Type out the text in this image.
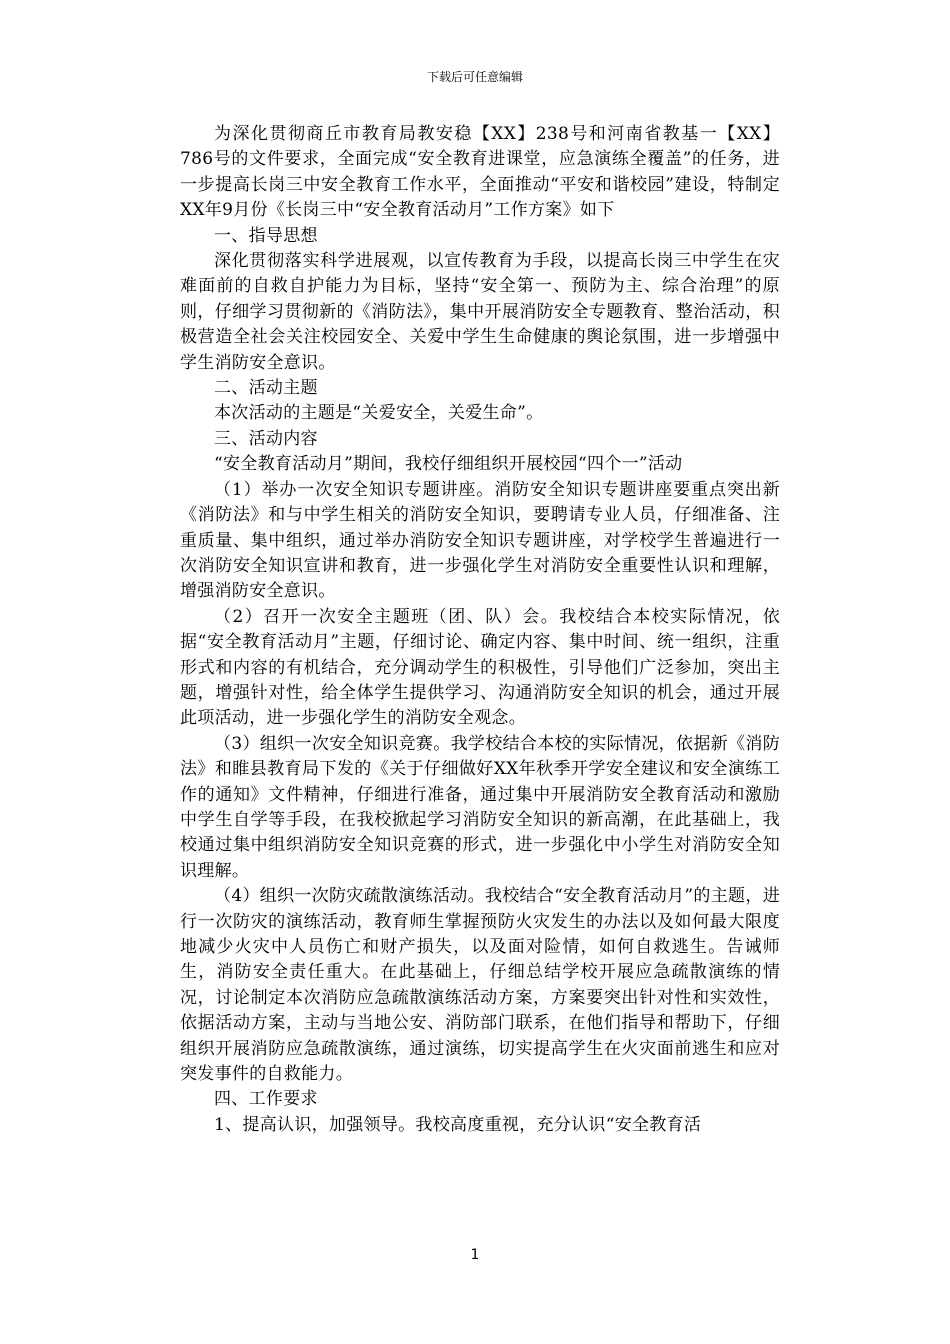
下载后可任意编辑

为深化贯彻商丘市教育局教安稳【XX】238号和河南省教基一【XX】786号的文件要求，全面完成“安全教育进课堂，应急演练全覆盖”的任务，进一步提高长岗三中安全教育工作水平，全面推动“平安和谐校园”建设，特制定XX年9月份《长岗三中“安全教育活动月”工作方案》如下

一、指导思想

深化贯彻落实科学进展观，以宣传教育为手段，以提高长岗三中学生在灾难面前的自救自护能力为目标，坚持“安全第一、预防为主、综合治理”的原则，仔细学习贯彻新的《消防法》，集中开展消防安全专题教育、整治活动，积极营造全社会关注校园安全、关爱中学生生命健康的舆论氛围，进一步增强中学生消防安全意识。

二、活动主题

本次活动的主题是“关爱安全，关爱生命”。

三、活动内容

“安全教育活动月”期间，我校仔细组织开展校园“四个一”活动

（1）举办一次安全知识专题讲座。消防安全知识专题讲座要重点突出新《消防法》和与中学生相关的消防安全知识，要聘请专业人员，仔细准备、注重质量、集中组织，通过举办消防安全知识专题讲座，对学校学生普遍进行一次消防安全知识宣讲和教育，进一步强化学生对消防安全重要性认识和理解，增强消防安全意识。

（2）召开一次安全主题班（团、队）会。我校结合本校实际情况，依据“安全教育活动月”主题，仔细讨论、确定内容、集中时间、统一组织，注重形式和内容的有机结合，充分调动学生的积极性，引导他们广泛参加，突出主题，增强针对性，给全体学生提供学习、沟通消防安全知识的机会，通过开展此项活动，进一步强化学生的消防安全观念。

（3）组织一次安全知识竞赛。我学校结合本校的实际情况，依据新《消防法》和睢县教育局下发的《关于仔细做好XX年秋季开学安全建议和安全演练工作的通知》文件精神，仔细进行准备，通过集中开展消防安全教育活动和激励中学生自学等手段，在我校掀起学习消防安全知识的新高潮，在此基础上，我校通过集中组织消防安全知识竞赛的形式，进一步强化中小学生对消防安全知识理解。

（4）组织一次防灾疏散演练活动。我校结合“安全教育活动月”的主题，进行一次防灾的演练活动，教育师生掌握预防火灾发生的办法以及如何最大限度地减少火灾中人员伤亡和财产损失，以及面对险情，如何自救逃生。告诫师生，消防安全责任重大。在此基础上，仔细总结学校开展应急疏散演练的情况，讨论制定本次消防应急疏散演练活动方案，方案要突出针对性和实效性，依据活动方案，主动与当地公安、消防部门联系，在他们指导和帮助下，仔细组织开展消防应急疏散演练，通过演练，切实提高学生在火灾面前逃生和应对突发事件的自救能力。

四、工作要求

1、提高认识，加强领导。我校高度重视，充分认识“安全教育活

1
